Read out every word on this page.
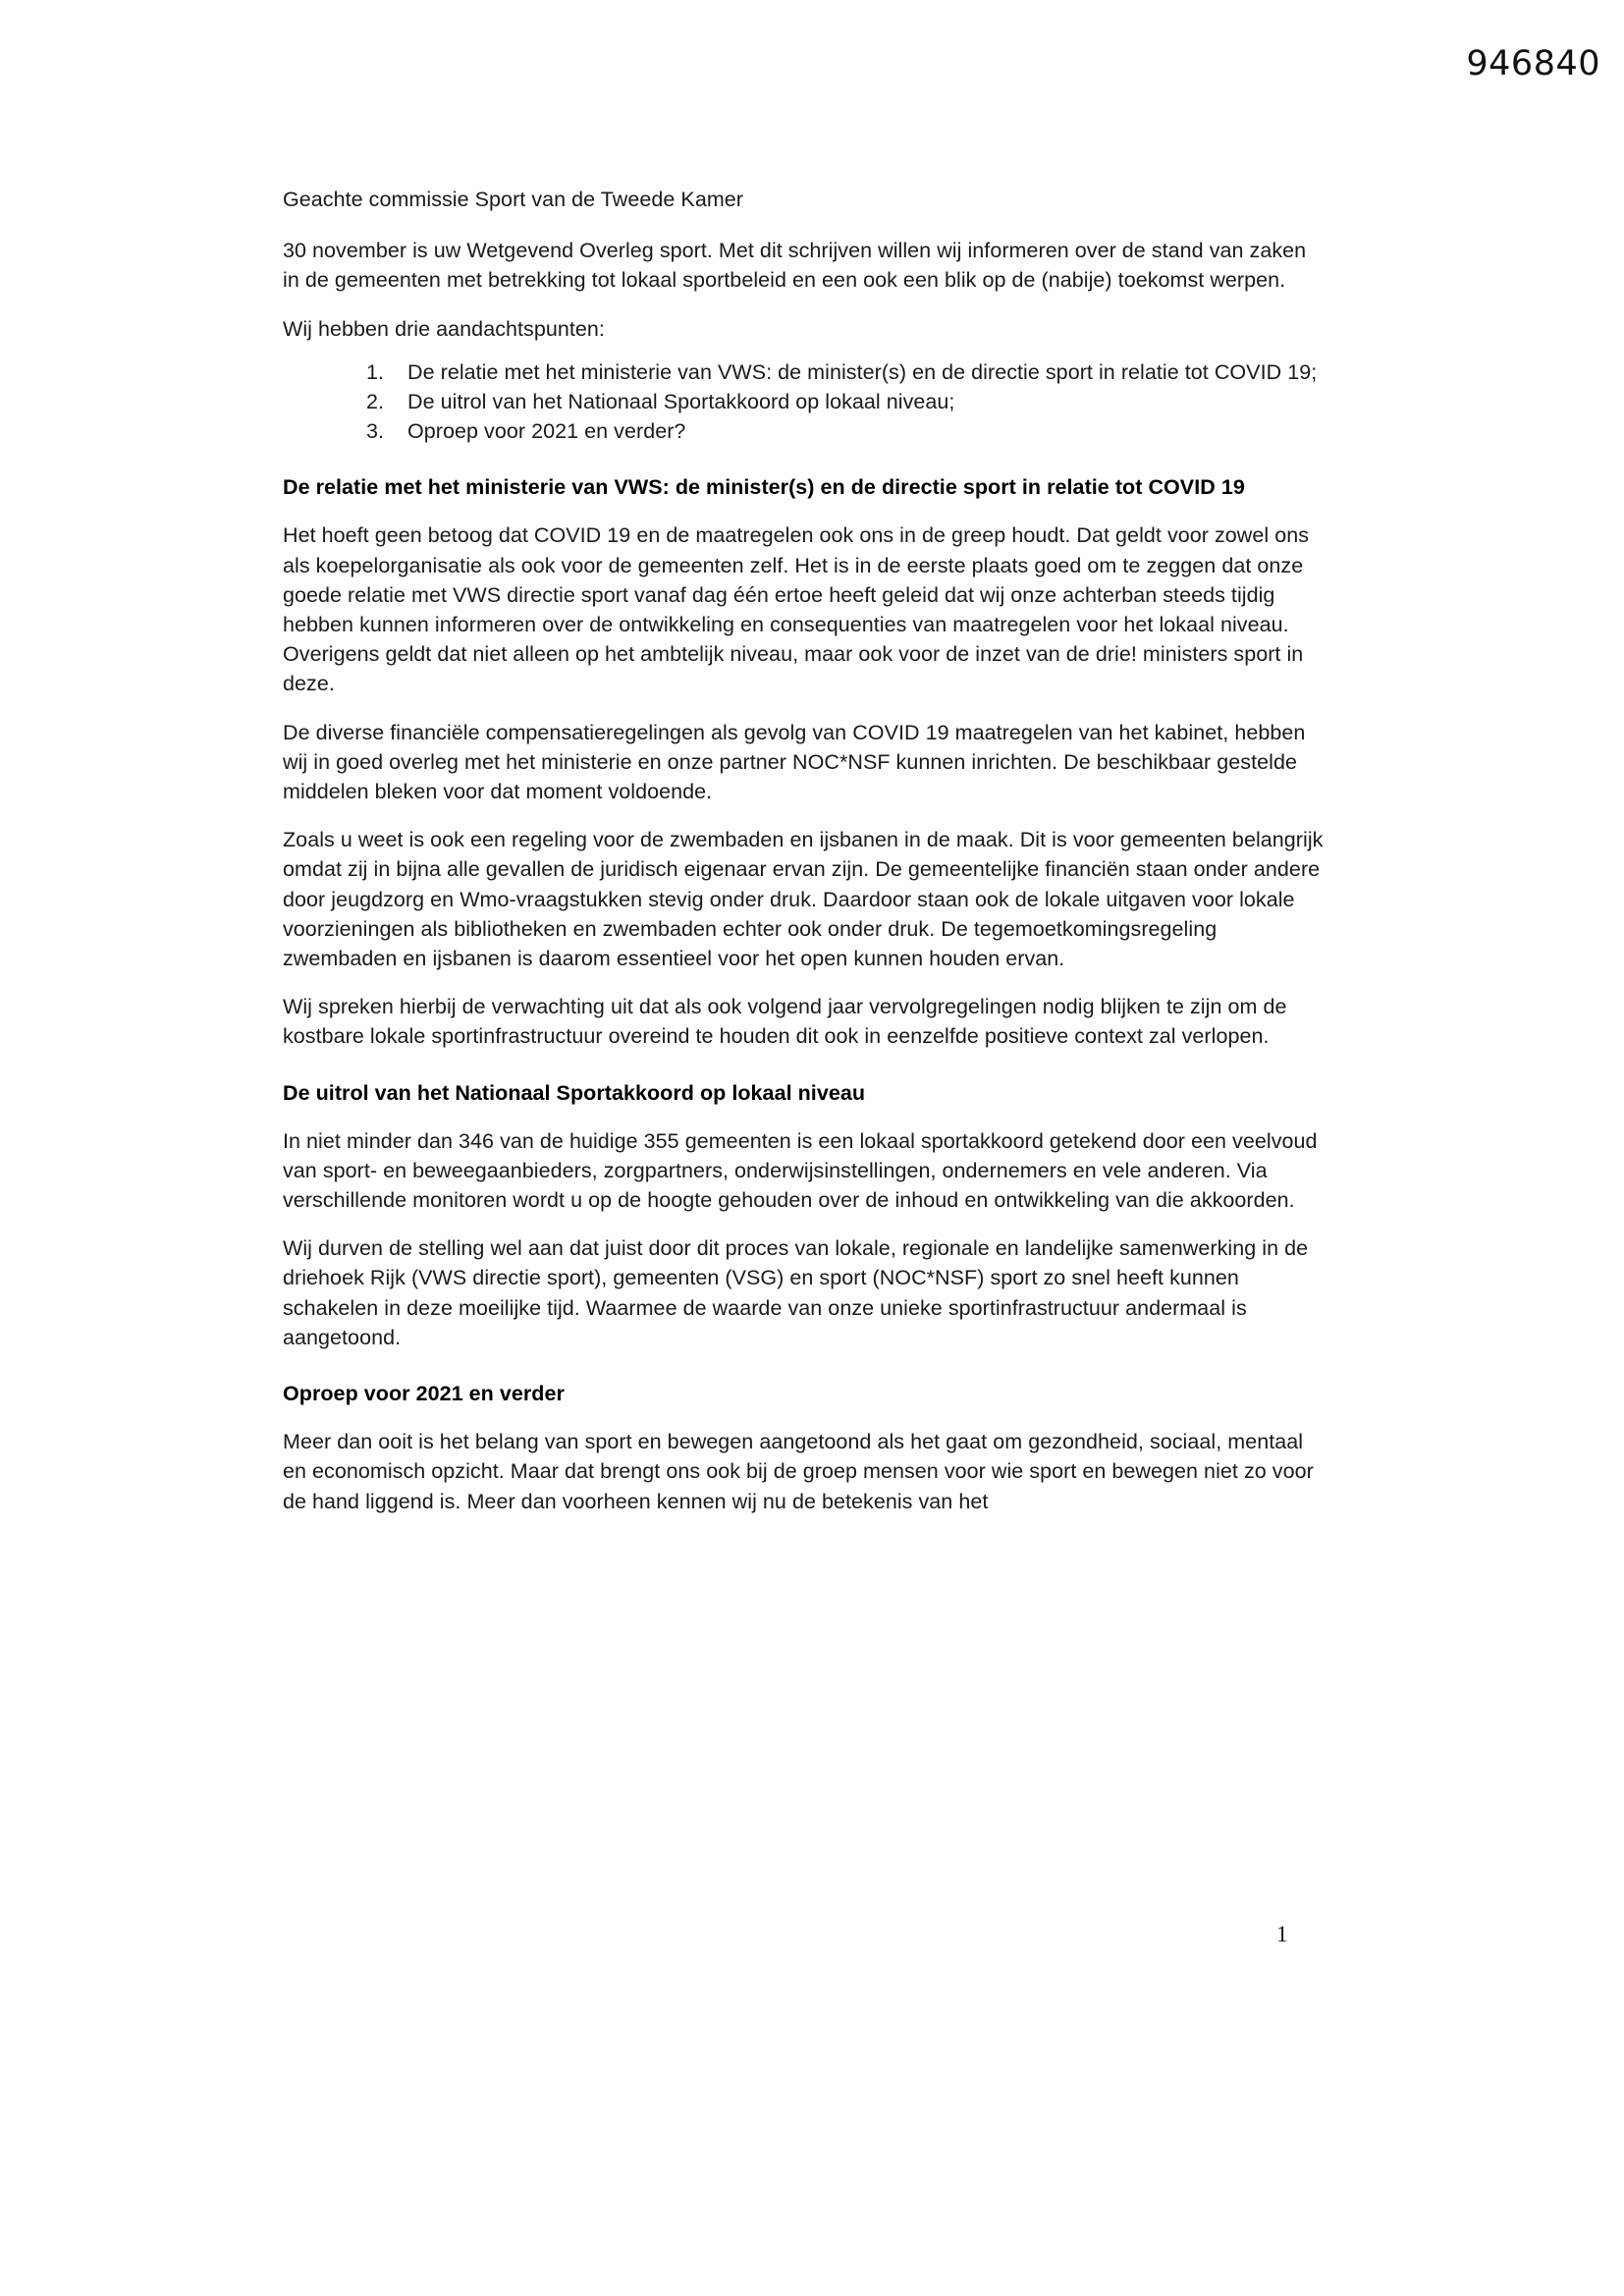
946840

Geachte commissie Sport van de Tweede Kamer

30 november is uw Wetgevend Overleg sport. Met dit schrijven willen wij informeren over de stand van zaken in de gemeenten met betrekking tot lokaal sportbeleid en een ook een blik op de (nabije) toekomst werpen.

Wij hebben drie aandachtspunten:

1.	De relatie met het ministerie van VWS: de minister(s) en de directie sport in relatie tot COVID 19;
2.	De uitrol van het Nationaal Sportakkoord op lokaal niveau;
3.	Oproep voor 2021 en verder?
De relatie met het ministerie van VWS: de minister(s) en de directie sport in relatie tot COVID 19

Het hoeft geen betoog dat COVID 19 en de maatregelen ook ons in de greep houdt. Dat geldt voor zowel ons als koepelorganisatie als ook voor de gemeenten zelf. Het is in de eerste plaats goed om te zeggen dat onze goede relatie met VWS directie sport vanaf dag één ertoe heeft geleid dat wij onze achterban steeds tijdig hebben kunnen informeren over de ontwikkeling en consequenties van maatregelen voor het lokaal niveau. Overigens geldt dat niet alleen op het ambtelijk niveau, maar ook voor de inzet van de drie! ministers sport in deze.

De diverse financiële compensatieregelingen als gevolg van COVID 19 maatregelen van het kabinet, hebben wij in goed overleg met het ministerie en onze partner NOC*NSF kunnen inrichten. De beschikbaar gestelde middelen bleken voor dat moment voldoende.

Zoals u weet is ook een regeling voor de zwembaden en ijsbanen in de maak. Dit is voor gemeenten belangrijk omdat zij in bijna alle gevallen de juridisch eigenaar ervan zijn. De gemeentelijke financiën staan onder andere door jeugdzorg en Wmo-vraagstukken stevig onder druk. Daardoor staan ook de lokale uitgaven voor lokale voorzieningen als bibliotheken en zwembaden echter ook onder druk. De tegemoetkomingsregeling zwembaden en ijsbanen is daarom essentieel voor het open kunnen houden ervan.

Wij spreken hierbij de verwachting uit dat als ook volgend jaar vervolgregelingen nodig blijken te zijn om de kostbare lokale sportinfrastructuur overeind te houden dit ook in eenzelfde positieve context zal verlopen.

De uitrol van het Nationaal Sportakkoord op lokaal niveau

In niet minder dan 346 van de huidige 355 gemeenten is een lokaal sportakkoord getekend door een veelvoud van sport- en beweegaanbieders, zorgpartners, onderwijsinstellingen, ondernemers en vele anderen. Via verschillende monitoren wordt u op de hoogte gehouden over de inhoud en ontwikkeling van die akkoorden.

Wij durven de stelling wel aan dat juist door dit proces van lokale, regionale en landelijke samenwerking in de driehoek Rijk (VWS directie sport), gemeenten (VSG) en sport (NOC*NSF) sport zo snel heeft kunnen schakelen in deze moeilijke tijd. Waarmee de waarde van onze unieke sportinfrastructuur andermaal is aangetoond.

Oproep voor 2021 en verder

Meer dan ooit is het belang van sport en bewegen aangetoond als het gaat om gezondheid, sociaal, mentaal en economisch opzicht. Maar dat brengt ons ook bij de groep mensen voor wie sport en bewegen niet zo voor de hand liggend is. Meer dan voorheen kennen wij nu de betekenis van het

1
